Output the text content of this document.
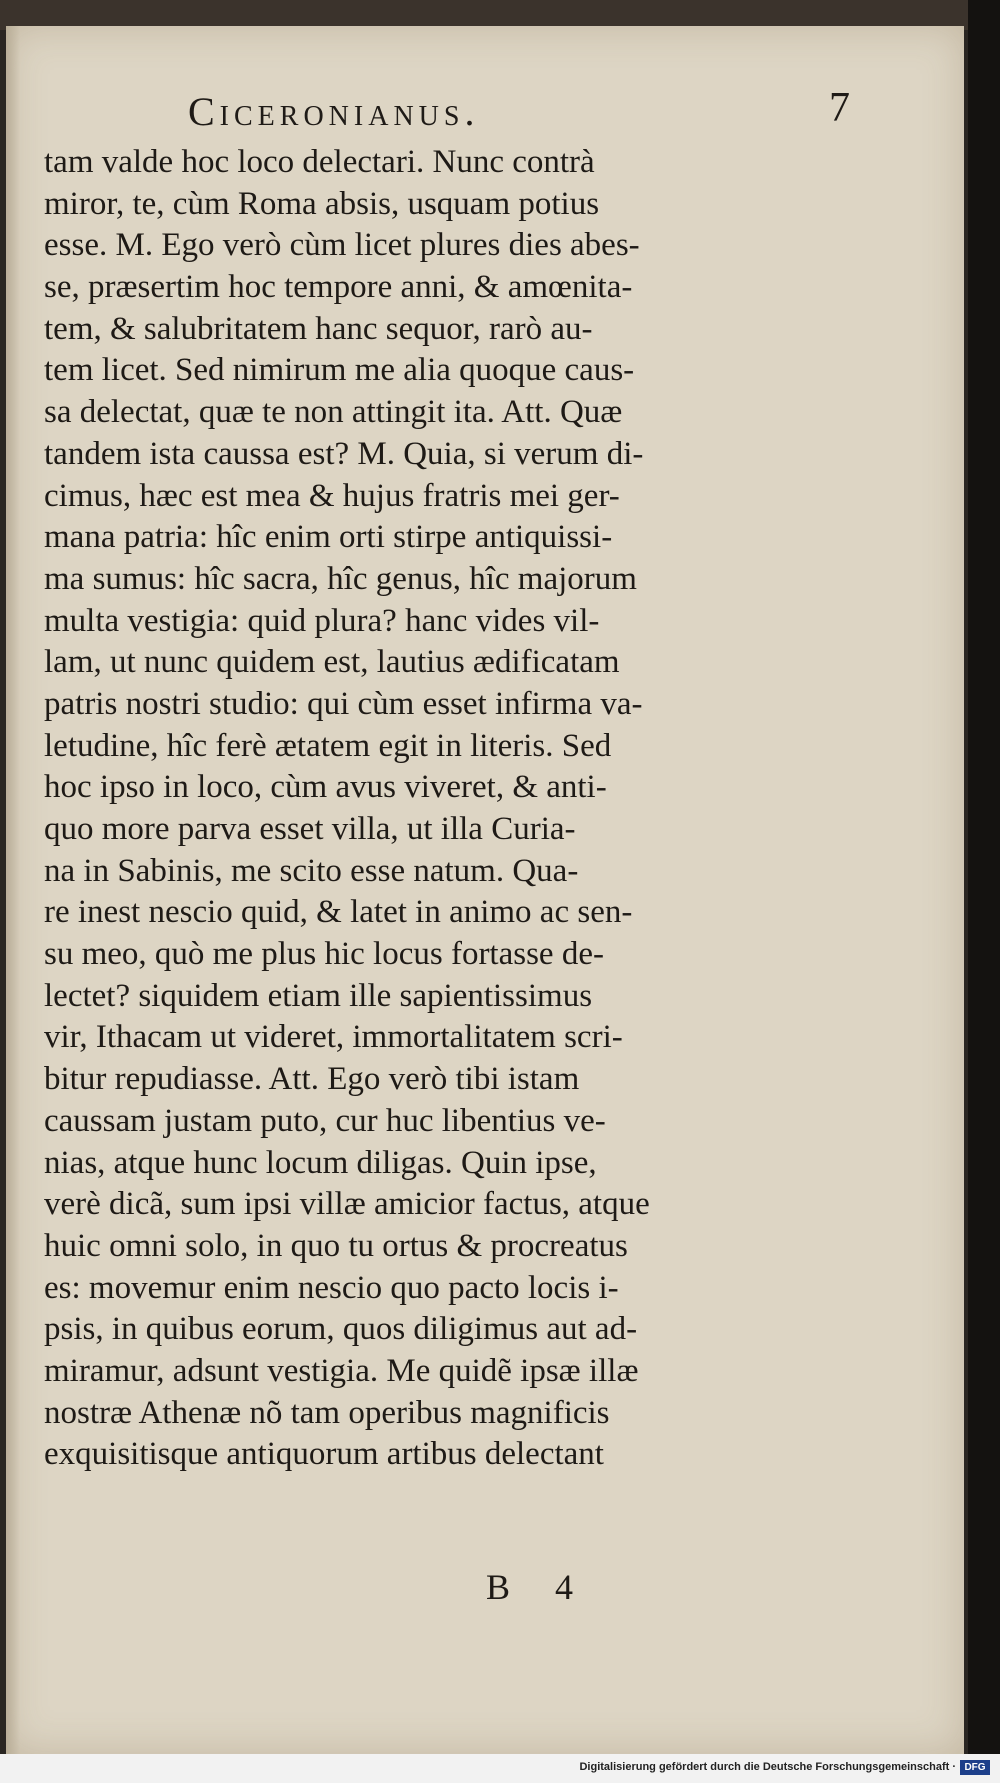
Ciceronianus.	7
tam valde hoc loco delectari. Nunc contrà
miror, te, cùm Roma absis, usquam potius
esse. M. Ego verò cùm licet plures dies abes-
se, præsertim hoc tempore anni, & amœnita-
tem, & salubritatem hanc sequor, rarò au-
tem licet. Sed nimirum me alia quoque caus-
sa delectat, quæ te non attingit ita. Att. Quæ
tandem ista caussa est? M. Quia, si verum di-
cimus, hæc est mea & hujus fratris mei ger-
mana patria: hîc enim orti stirpe antiquissi-
ma sumus: hîc sacra, hîc genus, hîc majorum
multa vestigia: quid plura? hanc vides vil-
lam, ut nunc quidem est, lautius ædificatam
patris nostri studio: qui cùm esset infirma va-
letudine, hîc ferè ætatem egit in literis. Sed
hoc ipso in loco, cùm avus viveret, & anti-
quo more parva esset villa, ut illa Curia-
na in Sabinis, me scito esse natum. Qua-
re inest nescio quid, & latet in animo ac sen-
su meo, quò me plus hic locus fortasse de-
lectet? siquidem etiam ille sapientissimus
vir, Ithacam ut videret, immortalitatem scri-
bitur repudiasse. Att. Ego verò tibi istam
caussam justam puto, cur huc libentius ve-
nias, atque hunc locum diligas. Quin ipse,
verè dicã, sum ipsi villæ amicior factus, atque
huic omni solo, in quo tu ortus & procreatus
es: movemur enim nescio quo pacto locis i-
psis, in quibus eorum, quos diligimus aut ad-
miramur, adsunt vestigia. Me quidẽ ipsæ illæ
nostræ Athenæ nõ tam operibus magnificis
exquisitisque antiquorum artibus delectant
B 4
Digitalisierung gefördert durch die Deutsche Forschungsgemeinschaft · DFG
